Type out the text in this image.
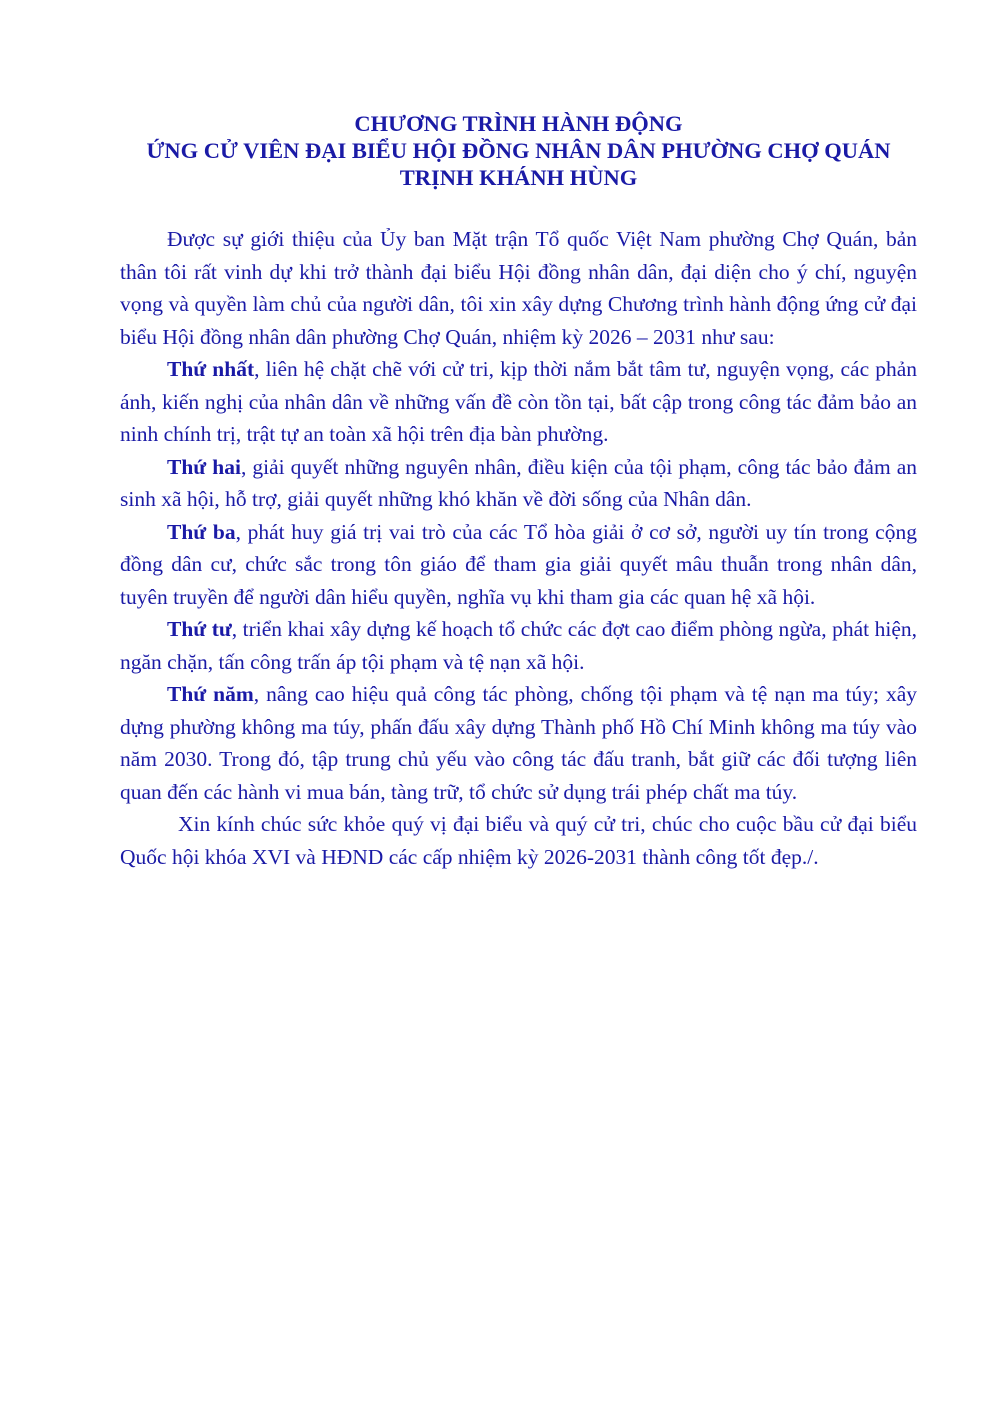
CHƯƠNG TRÌNH HÀNH ĐỘNG
ỨNG CỬ VIÊN ĐẠI BIỂU HỘI ĐỒNG NHÂN DÂN PHƯỜNG CHỢ QUÁN
TRỊNH KHÁNH HÙNG

Được sự giới thiệu của Ủy ban Mặt trận Tổ quốc Việt Nam phường Chợ Quán, bản thân tôi rất vinh dự khi trở thành đại biểu Hội đồng nhân dân, đại diện cho ý chí, nguyện vọng và quyền làm chủ của người dân, tôi xin xây dựng Chương trình hành động ứng cử đại biểu Hội đồng nhân dân phường Chợ Quán, nhiệm kỳ 2026 – 2031 như sau:

Thứ nhất, liên hệ chặt chẽ với cử tri, kịp thời nắm bắt tâm tư, nguyện vọng, các phản ánh, kiến nghị của nhân dân về những vấn đề còn tồn tại, bất cập trong công tác đảm bảo an ninh chính trị, trật tự an toàn xã hội trên địa bàn phường.

Thứ hai, giải quyết những nguyên nhân, điều kiện của tội phạm, công tác bảo đảm an sinh xã hội, hỗ trợ, giải quyết những khó khăn về đời sống của Nhân dân.

Thứ ba, phát huy giá trị vai trò của các Tổ hòa giải ở cơ sở, người uy tín trong cộng đồng dân cư, chức sắc trong tôn giáo để tham gia giải quyết mâu thuẫn trong nhân dân, tuyên truyền để người dân hiểu quyền, nghĩa vụ khi tham gia các quan hệ xã hội.

Thứ tư, triển khai xây dựng kế hoạch tổ chức các đợt cao điểm phòng ngừa, phát hiện, ngăn chặn, tấn công trấn áp tội phạm và tệ nạn xã hội.

Thứ năm, nâng cao hiệu quả công tác phòng, chống tội phạm và tệ nạn ma túy; xây dựng phường không ma túy, phấn đấu xây dựng Thành phố Hồ Chí Minh không ma túy vào năm 2030. Trong đó, tập trung chủ yếu vào công tác đấu tranh, bắt giữ các đối tượng liên quan đến các hành vi mua bán, tàng trữ, tổ chức sử dụng trái phép chất ma túy.

Xin kính chúc sức khỏe quý vị đại biểu và quý cử tri, chúc cho cuộc bầu cử đại biểu Quốc hội khóa XVI và HĐND các cấp nhiệm kỳ 2026-2031 thành công tốt đẹp./.
